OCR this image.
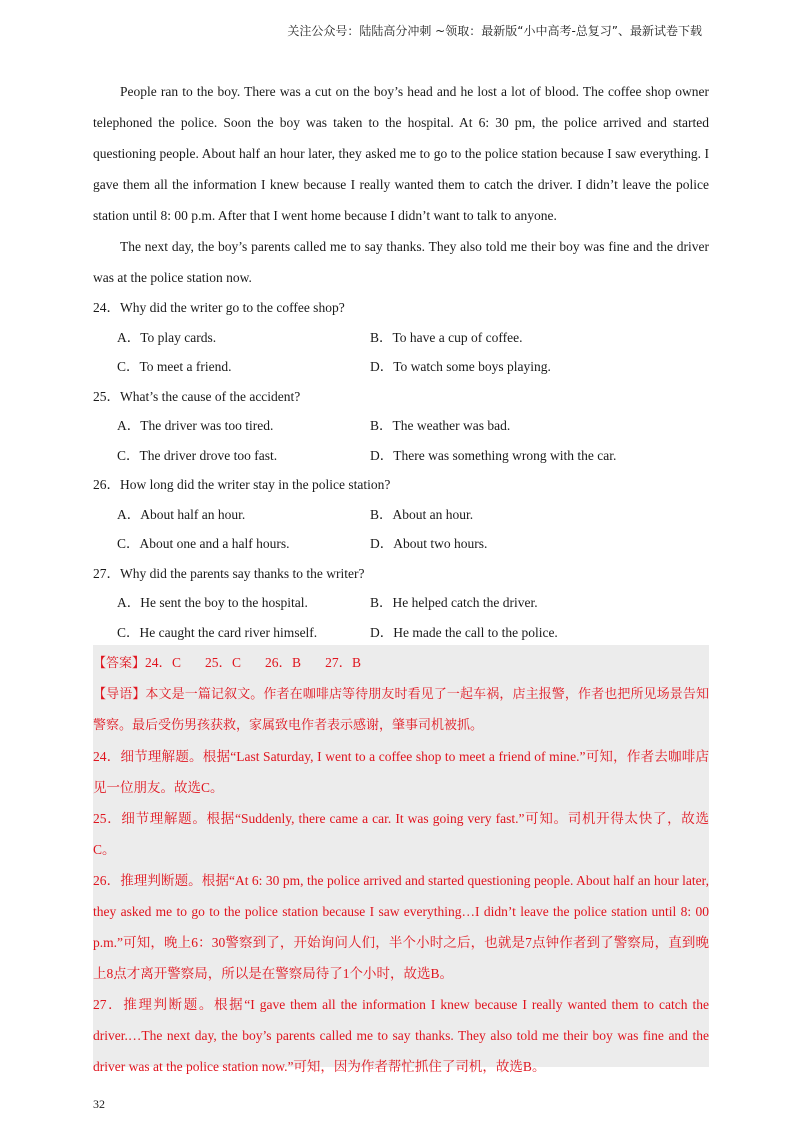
关注公众号：陆陆高分冲刺 ~领取：最新版“小中高考-总复习”、最新试卷下载

People ran to the boy. There was a cut on the boy’s head and he lost a lot of blood. The coffee shop owner telephoned the police. Soon the boy was taken to the hospital. At 6: 30 pm, the police arrived and started questioning people. About half an hour later, they asked me to go to the police station because I saw everything. I gave them all the information I knew because I really wanted them to catch the driver. I didn’t leave the police station until 8: 00 p.m. After that I went home because I didn’t want to talk to anyone.

The next day, the boy’s parents called me to say thanks. They also told me their boy was fine and the driver was at the police station now.

24．Why did the writer go to the coffee shop?

A．To play cards.	B．To have a cup of coffee.
C．To meet a friend.	D．To watch some boys playing.

25．What’s the cause of the accident?

A．The driver was too tired.	B．The weather was bad.
C．The driver drove too fast.	D．There was something wrong with the car.

26．How long did the writer stay in the police station?

A．About half an hour.	B．About an hour.
C．About one and a half hours.	D．About two hours.

27．Why did the parents say thanks to the writer?

A．He sent the boy to the hospital.	B．He helped catch the driver.
C．He caught the card river himself.	D．He made the call to the police.

【答案】24．C 25．C 26．B 27．B

【导语】本文是一篇记叙文。作者在咖啡店等待朋友时看见了一起车祸，店主报警，作者也把所见场景告知警察。最后受伤男孩获救，家属致电作者表示感谢，肇事司机被抓。

24．细节理解题。根据“Last Saturday, I went to a coffee shop to meet a friend of mine.”可知，作者去咖啡店见一位朋友。故选C。

25．细节理解题。根据“Suddenly, there came a car. It was going very fast.”可知。司机开得太快了，故选C。

26．推理判断题。根据“At 6: 30 pm, the police arrived and started questioning people. About half an hour later, they asked me to go to the police station because I saw everything…I didn’t leave the police station until 8: 00 p.m.”可知，晚上6：30警察到了，开始询问人们，半个小时之后，也就是7点钟作者到了警察局，直到晚上8点才离开警察局，所以是在警察局待了1个小时，故选B。

27．推理判断题。根据“I gave them all the information I knew because I really wanted them to catch the driver.…The next day, the boy’s parents called me to say thanks. They also told me their boy was fine and the driver was at the police station now.”可知，因为作者帮忙抓住了司机，故选B。

32
